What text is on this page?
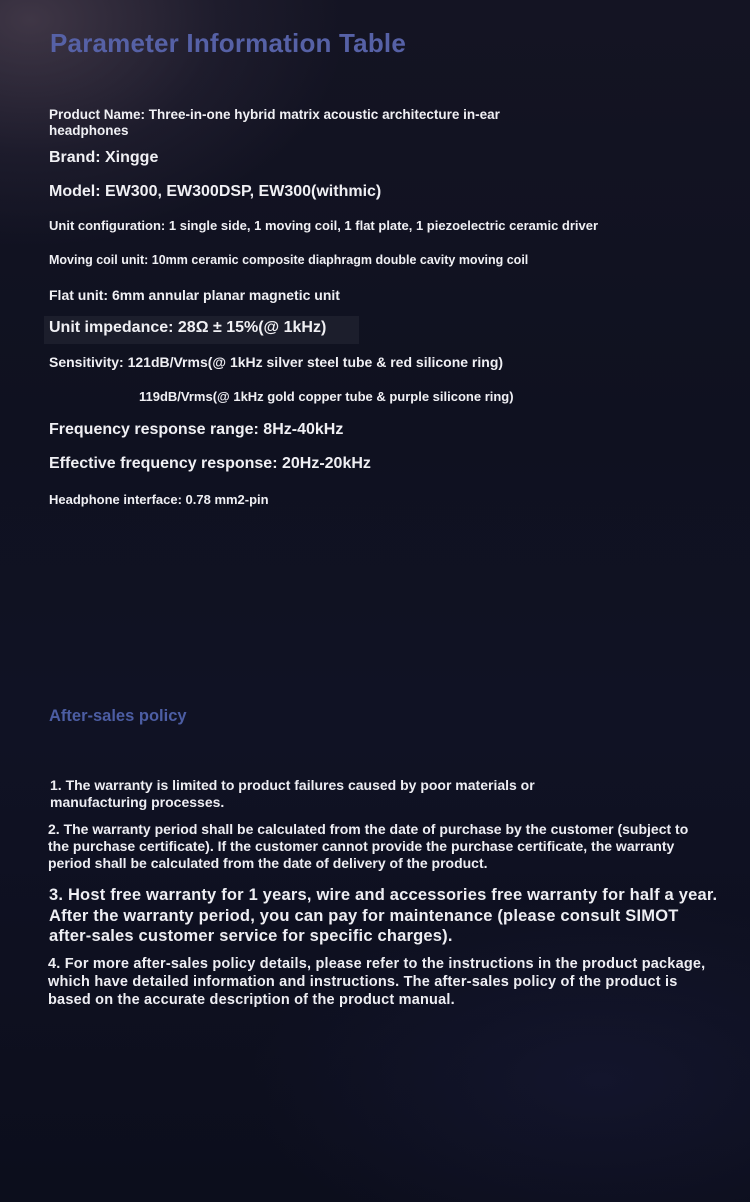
Parameter Information Table
Product Name: Three-in-one hybrid matrix acoustic architecture in-ear headphones
Brand: Xingge
Model: EW300, EW300DSP, EW300(withmic)
Unit configuration: 1 single side, 1 moving coil, 1 flat plate, 1 piezoelectric ceramic driver
Moving coil unit: 10mm ceramic composite diaphragm double cavity moving coil
Flat unit: 6mm annular planar magnetic unit
Unit impedance: 28Ω ± 15%(@ 1kHz)
Sensitivity: 121dB/Vrms(@ 1kHz silver steel tube & red silicone ring)
119dB/Vrms(@ 1kHz gold copper tube & purple silicone ring)
Frequency response range: 8Hz-40kHz
Effective frequency response: 20Hz-20kHz
Headphone interface: 0.78 mm2-pin
After-sales policy

1. The warranty is limited to product failures caused by poor materials or manufacturing processes.

2. The warranty period shall be calculated from the date of purchase by the customer (subject to the purchase certificate). If the customer cannot provide the purchase certificate, the warranty period shall be calculated from the date of delivery of the product.

3. Host free warranty for 1 years, wire and accessories free warranty for half a year. After the warranty period, you can pay for maintenance (please consult SIMOT after-sales customer service for specific charges).

4. For more after-sales policy details, please refer to the instructions in the product package, which have detailed information and instructions. The after-sales policy of the product is based on the accurate description of the product manual.
